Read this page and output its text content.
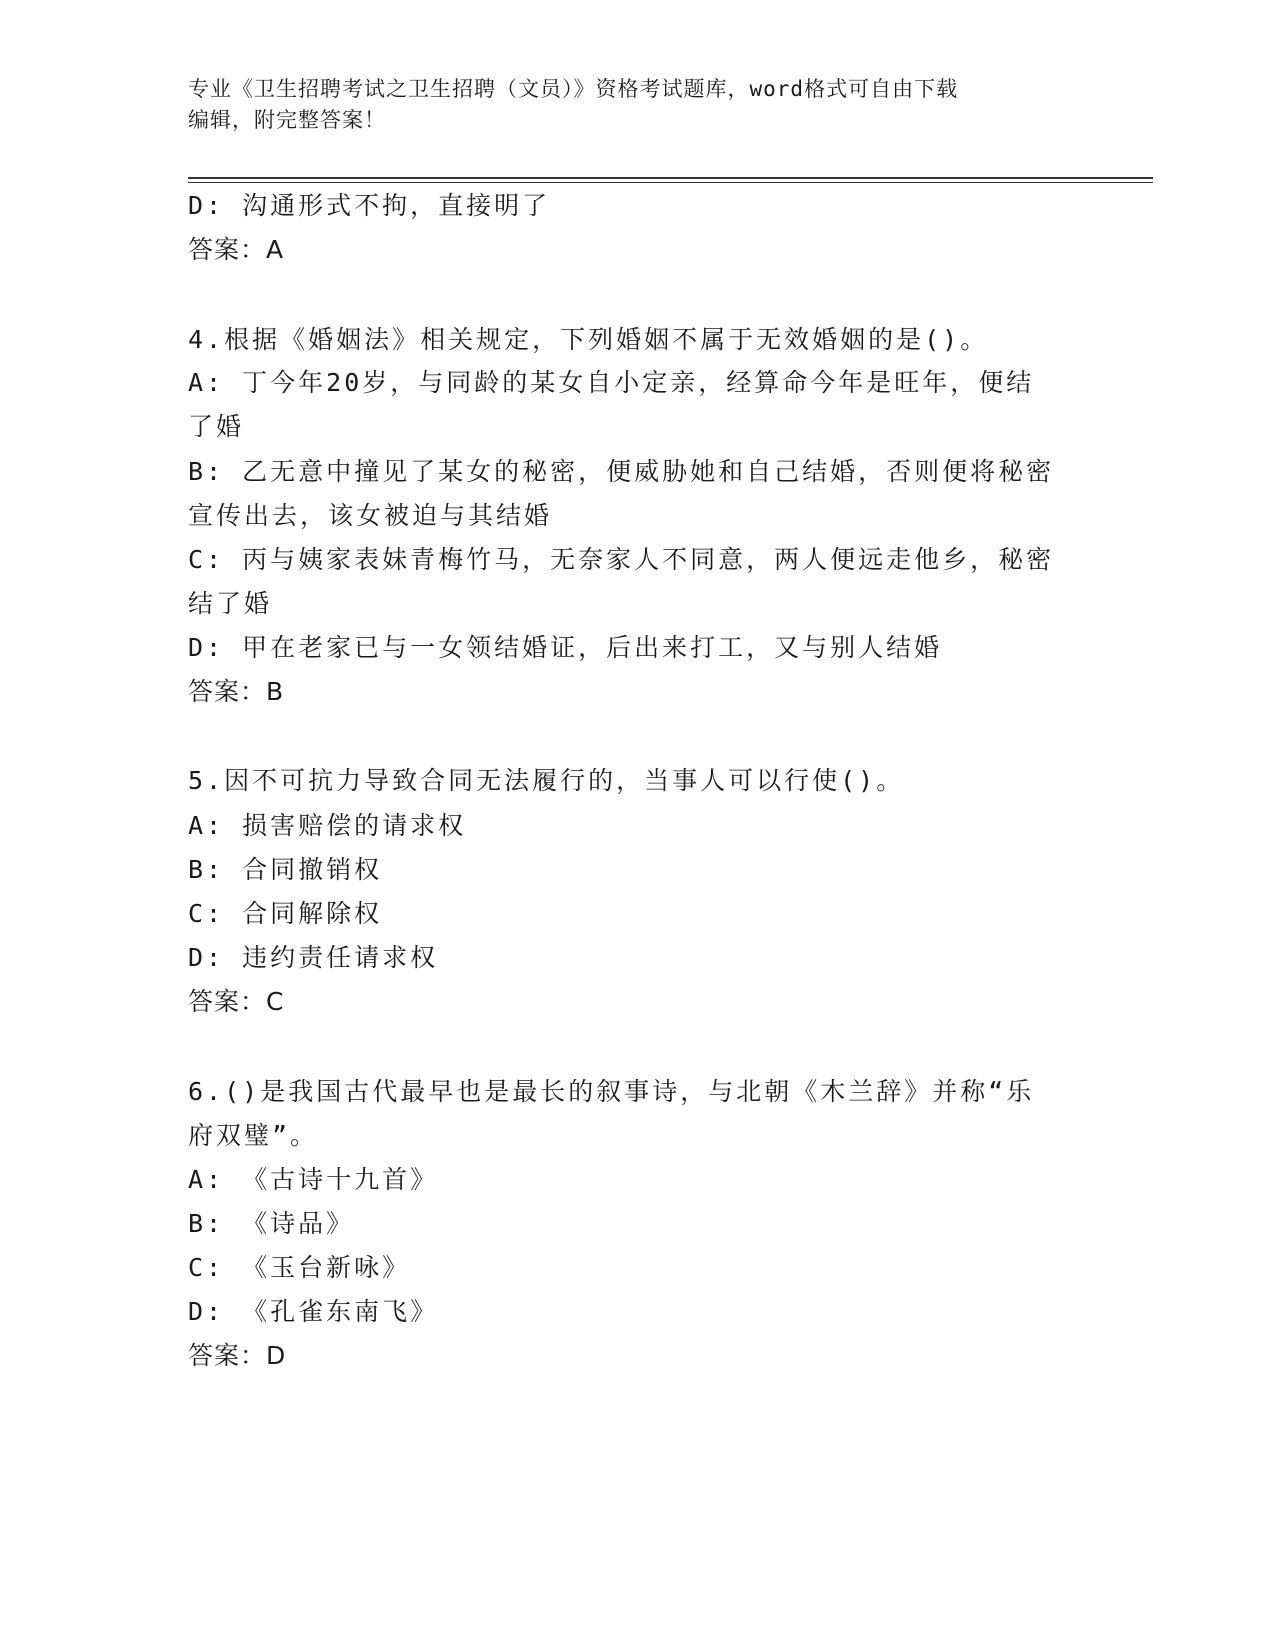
专业《卫生招聘考试之卫生招聘（文员）》资格考试题库，word格式可自由下载
编辑，附完整答案！
D: 沟通形式不拘，直接明了
答案：A
4.根据《婚姻法》相关规定，下列婚姻不属于无效婚姻的是()。
A: 丁今年20岁，与同龄的某女自小定亲，经算命今年是旺年，便结
了婚
B: 乙无意中撞见了某女的秘密，便威胁她和自己结婚，否则便将秘密
宣传出去，该女被迫与其结婚
C: 丙与姨家表妹青梅竹马，无奈家人不同意，两人便远走他乡，秘密
结了婚
D: 甲在老家已与一女领结婚证，后出来打工，又与别人结婚
答案：B
5.因不可抗力导致合同无法履行的，当事人可以行使()。
A: 损害赔偿的请求权
B: 合同撤销权
C: 合同解除权
D: 违约责任请求权
答案：C
6.()是我国古代最早也是最长的叙事诗，与北朝《木兰辞》并称“乐
府双璧”。
A: 《古诗十九首》
B: 《诗品》
C: 《玉台新咏》
D: 《孔雀东南飞》
答案：D
